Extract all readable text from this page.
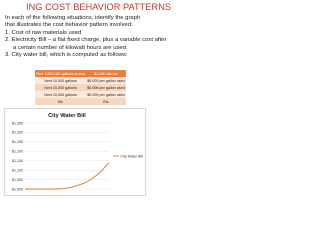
ING COST BEHAVIOR PATTERNS
In each of the following situations, identify the graph that illustrates the cost behavior pattern involved:
1. Cost of raw materials used
2. Electricity Bill – a flat fixed charge, plus a variable cost after
a certain number of kilowatt hours are used.
3. City water bill, which is computed as follows:
First 1,000,000 gallons or less	$1,000 flat fee
Next 10,000 gallons	$0.003 per gallon used
Next 10,000 gallons	$0.006 per gallon used
Next 10,000 gallons	$0.009 per gallon used
Etc	Etc
City Water Bill
$1,000
$1,050
$1,100
$1,150
$1,200
$1,250
$1,300
$1,350
City Water Bill
